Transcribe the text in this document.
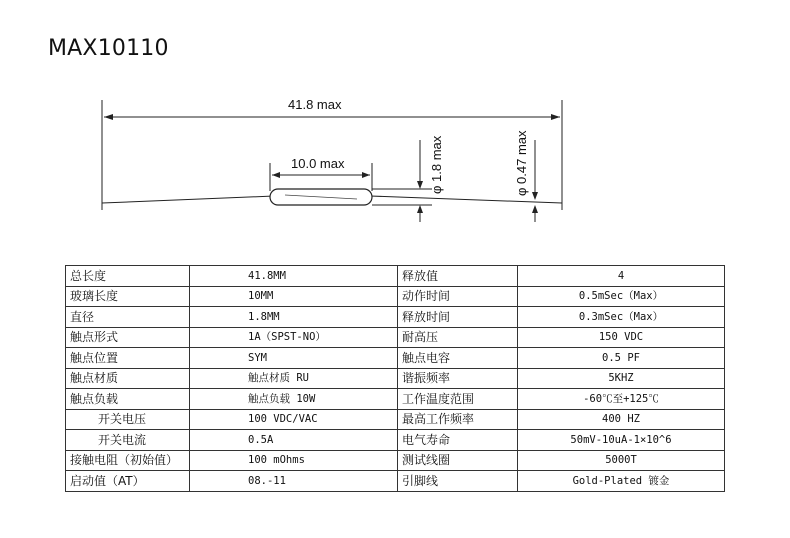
MAX10110
41.8 max
10.0 max	φ 1.8 max	φ 0.47 max
总长度	41.8MM	释放值	4
玻璃长度	10MM	动作时间	0.5mSec（Max）
直径	1.8MM	释放时间	0.3mSec（Max）
触点形式	1A（SPST-NO）	耐高压	150 VDC
触点位置	SYM	触点电容	0.5 PF
触点材质	触点材质 RU	谐振频率	5KHZ
触点负载	触点负载 10W	工作温度范围	-60℃至+125℃
开关电压	100 VDC/VAC	最高工作频率	400 HZ
开关电流	0.5A	电气寿命	50mV-10uA-1×10^6
接触电阻（初始值）	100 mOhms	测试线圈	5000T
启动值（AT）	08.-11	引脚线	Gold-Plated 镀金
